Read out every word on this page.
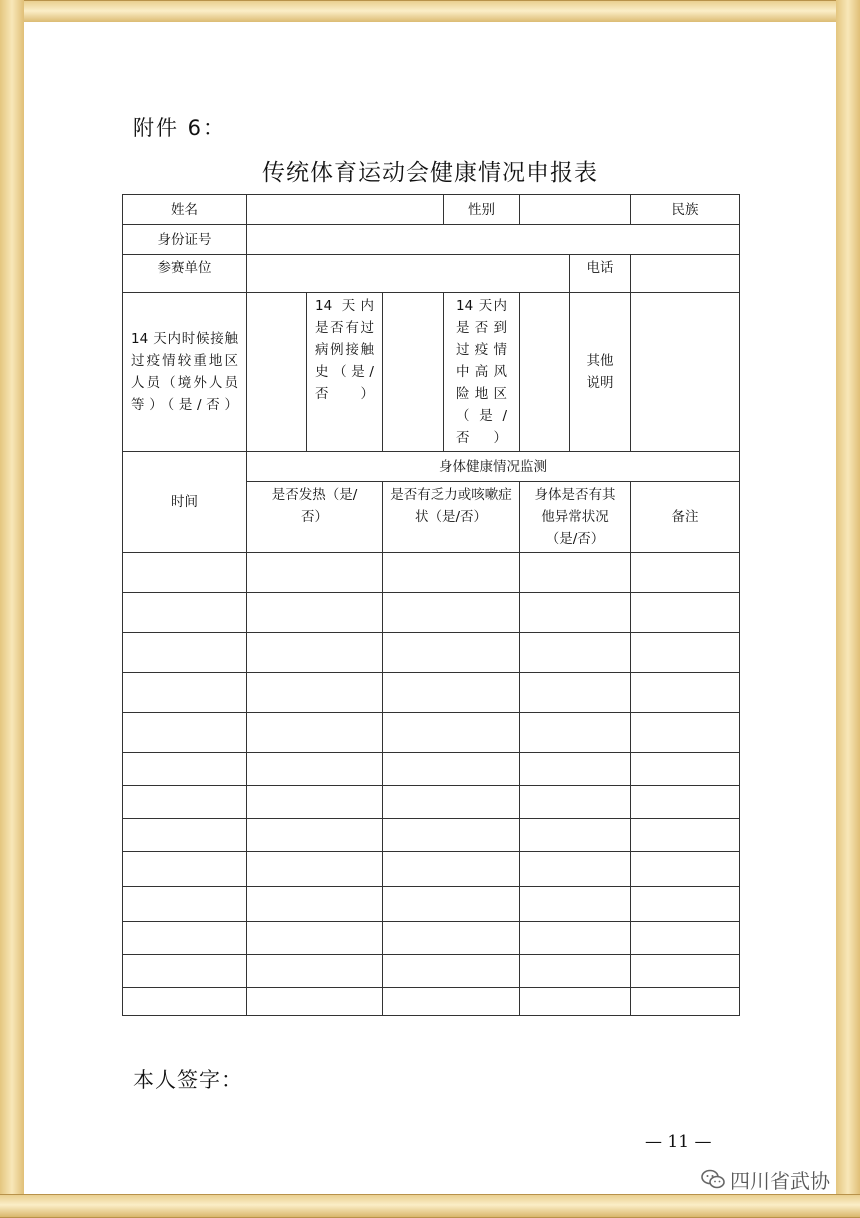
附件 6：
传统体育运动会健康情况申报表
姓名				性别			民族
身份证号							
参赛单位						电话	

14 天内时候接触过疫情较重地区人员（境外人员等）（是/否）		14 天内是否有过病例接触史（是/否）		14 天内是否到过疫情中高风险地区（是/否）		其他说明	

时间	身体健康情况监测						
	是否发热（是/否）		是否有乏力或咳嗽症状（是/否）		身体是否有其他异常状况（是/否）		备注

本人签字：
— 11 —
四川省武协
